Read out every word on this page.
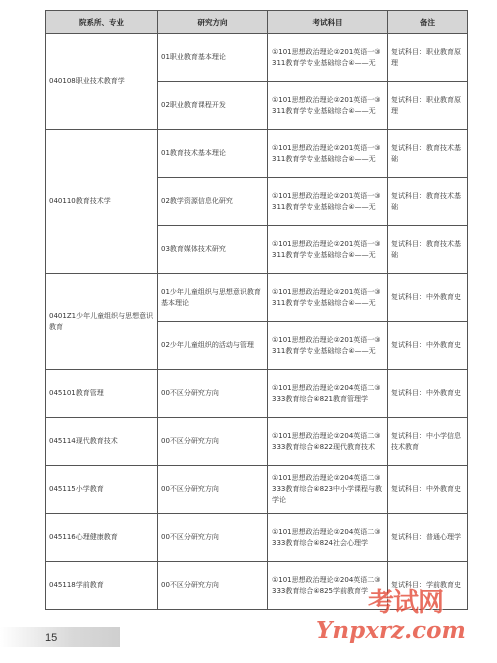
院系所、专业	研究方向	考试科目	备注
040108职业技术教育学	01职业教育基本理论	①101思想政治理论②201英语一③311教育学专业基础综合④——无	复试科目：职业教育原理
	02职业教育课程开发	①101思想政治理论②201英语一③311教育学专业基础综合④——无	复试科目：职业教育原理
040110教育技术学	01教育技术基本理论	①101思想政治理论②201英语一③311教育学专业基础综合④——无	复试科目：教育技术基础
	02教学资源信息化研究	①101思想政治理论②201英语一③311教育学专业基础综合④——无	复试科目：教育技术基础
	03教育媒体技术研究	①101思想政治理论②201英语一③311教育学专业基础综合④——无	复试科目：教育技术基础
0401Z1少年儿童组织与思想意识教育	01少年儿童组织与思想意识教育基本理论	①101思想政治理论②201英语一③311教育学专业基础综合④——无	复试科目：中外教育史
	02少年儿童组织的活动与管理	①101思想政治理论②201英语一③311教育学专业基础综合④——无	复试科目：中外教育史
045101教育管理	00不区分研究方向	①101思想政治理论②204英语二③333教育综合④821教育管理学	复试科目：中外教育史
045114现代教育技术	00不区分研究方向	①101思想政治理论②204英语二③333教育综合④822现代教育技术	复试科目：中小学信息技术教育
045115小学教育	00不区分研究方向	①101思想政治理论②204英语二③333教育综合④823中小学课程与教学论	复试科目：中外教育史
045116心理健康教育	00不区分研究方向	①101思想政治理论②204英语二③333教育综合④824社会心理学	复试科目：普通心理学
045118学前教育	00不区分研究方向	①101思想政治理论②204英语二③333教育综合④825学前教育学	复试科目：学前教育史
15
考试网
Ynpxrz.com
